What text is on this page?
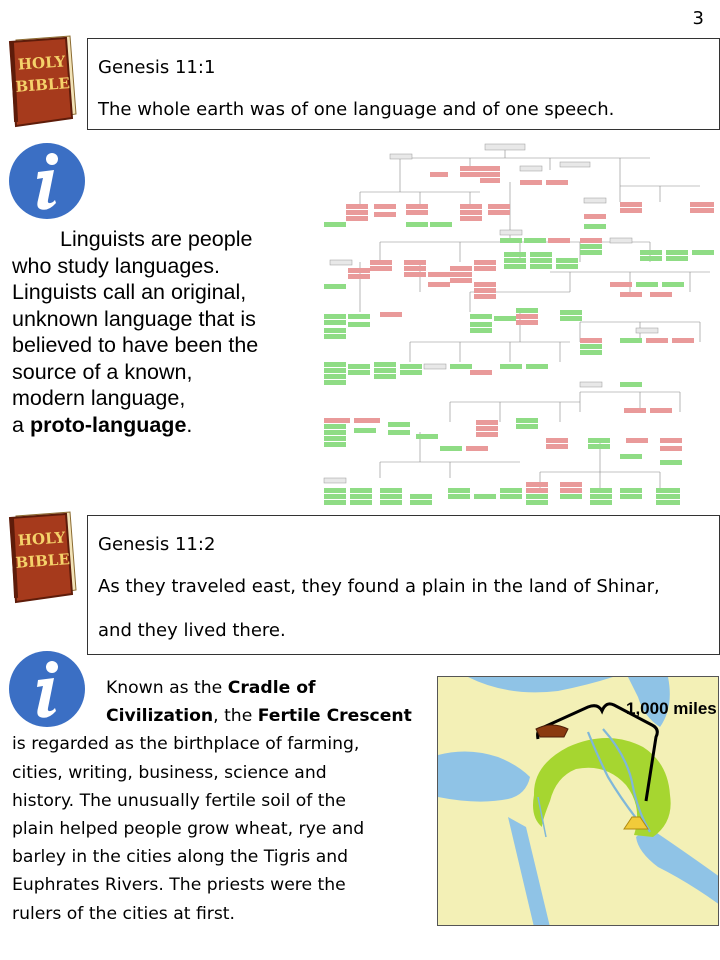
3
HOLY
BIBLE
Genesis 11:1
The whole earth was of one language and of one speech.
Linguists are people
who study languages.
Linguists call an original,
unknown language that is
believed to have been the
source of a known,
modern language,
a proto-language.
HOLY
BIBLE
Genesis 11:2
As they traveled east, they found a plain in the land of Shinar,
and they lived there.
Known as the Cradle of
Civilization, the Fertile Crescent
is regarded as the birthplace of farming,
cities, writing, business, science and
history. The unusually fertile soil of the
plain helped people grow wheat, rye and
barley in the cities along the Tigris and
Euphrates Rivers. The priests were the
rulers of the cities at first.
1,000 miles
